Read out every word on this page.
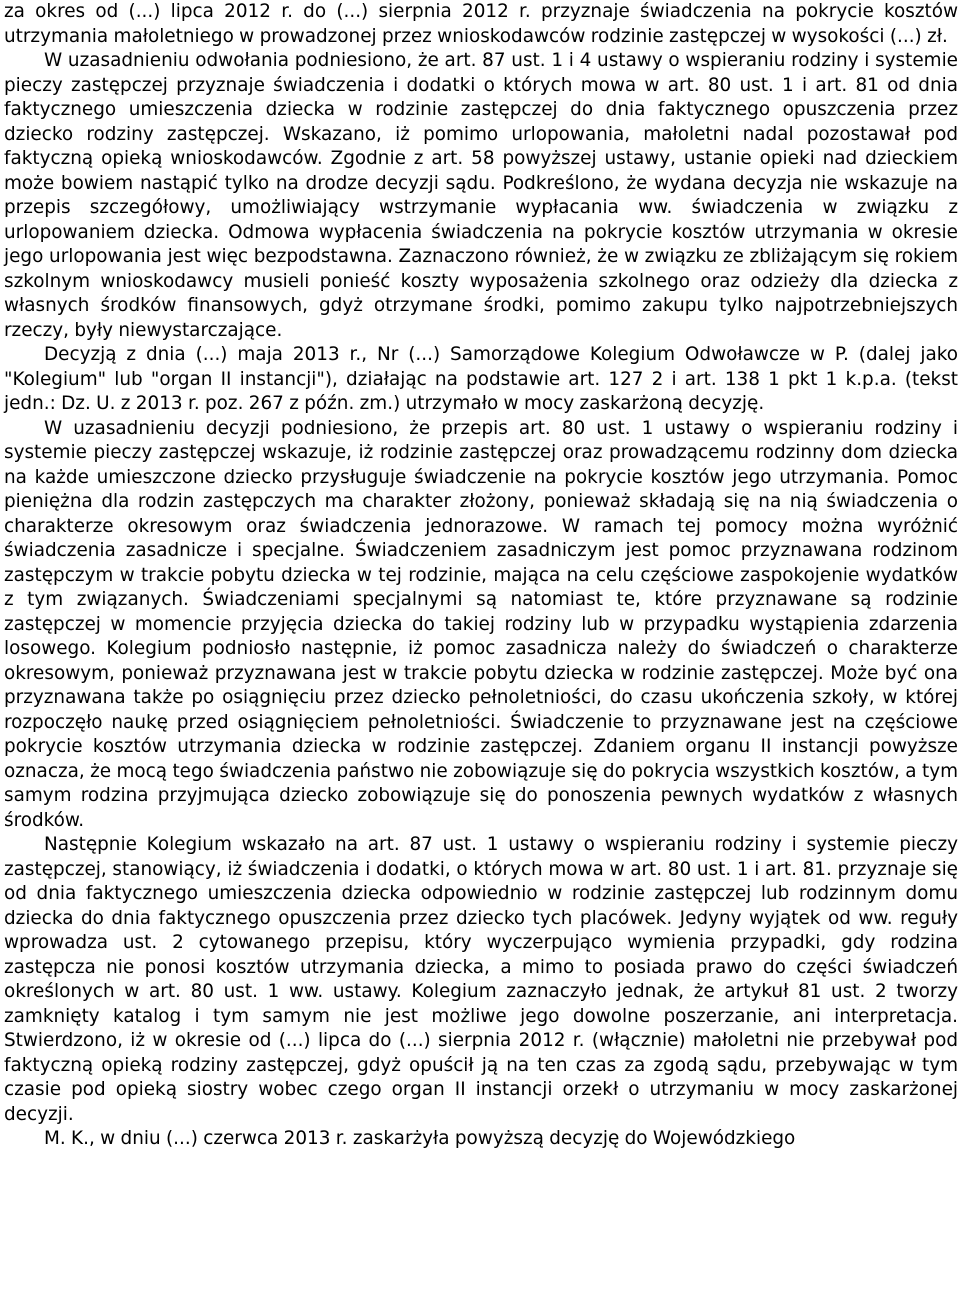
za okres od (...) lipca 2012 r. do (...) sierpnia 2012 r. przyznaje świadczenia na pokrycie kosztów utrzymania małoletniego w prowadzonej przez wnioskodawców rodzinie zastępczej w wysokości (...) zł.

W uzasadnieniu odwołania podniesiono, że art. 87 ust. 1 i 4 ustawy o wspieraniu rodziny i systemie pieczy zastępczej przyznaje świadczenia i dodatki o których mowa w art. 80 ust. 1 i art. 81 od dnia faktycznego umieszczenia dziecka w rodzinie zastępczej do dnia faktycznego opuszczenia przez dziecko rodziny zastępczej. Wskazano, iż pomimo urlopowania, małoletni nadal pozostawał pod faktyczną opieką wnioskodawców. Zgodnie z art. 58 powyższej ustawy, ustanie opieki nad dzieckiem może bowiem nastąpić tylko na drodze decyzji sądu. Podkreślono, że wydana decyzja nie wskazuje na przepis szczegółowy, umożliwiający wstrzymanie wypłacania ww. świadczenia w związku z urlopowaniem dziecka. Odmowa wypłacenia świadczenia na pokrycie kosztów utrzymania w okresie jego urlopowania jest więc bezpodstawna. Zaznaczono również, że w związku ze zbliżającym się rokiem szkolnym wnioskodawcy musieli ponieść koszty wyposażenia szkolnego oraz odzieży dla dziecka z własnych środków finansowych, gdyż otrzymane środki, pomimo zakupu tylko najpotrzebniejszych rzeczy, były niewystarczające.

Decyzją z dnia (...) maja 2013 r., Nr (...) Samorządowe Kolegium Odwoławcze w P. (dalej jako "Kolegium" lub "organ II instancji"), działając na podstawie art. 127 2 i art. 138 1 pkt 1 k.p.a. (tekst jedn.: Dz. U. z 2013 r. poz. 267 z późn. zm.) utrzymało w mocy zaskarżoną decyzję.

W uzasadnieniu decyzji podniesiono, że przepis art. 80 ust. 1 ustawy o wspieraniu rodziny i systemie pieczy zastępczej wskazuje, iż rodzinie zastępczej oraz prowadzącemu rodzinny dom dziecka na każde umieszczone dziecko przysługuje świadczenie na pokrycie kosztów jego utrzymania. Pomoc pieniężna dla rodzin zastępczych ma charakter złożony, ponieważ składają się na nią świadczenia o charakterze okresowym oraz świadczenia jednorazowe. W ramach tej pomocy można wyróżnić świadczenia zasadnicze i specjalne. Świadczeniem zasadniczym jest pomoc przyznawana rodzinom zastępczym w trakcie pobytu dziecka w tej rodzinie, mająca na celu częściowe zaspokojenie wydatków z tym związanych. Świadczeniami specjalnymi są natomiast te, które przyznawane są rodzinie zastępczej w momencie przyjęcia dziecka do takiej rodziny lub w przypadku wystąpienia zdarzenia losowego. Kolegium podniosło następnie, iż pomoc zasadnicza należy do świadczeń o charakterze okresowym, ponieważ przyznawana jest w trakcie pobytu dziecka w rodzinie zastępczej. Może być ona przyznawana także po osiągnięciu przez dziecko pełnoletniości, do czasu ukończenia szkoły, w której rozpoczęło naukę przed osiągnięciem pełnoletniości. Świadczenie to przyznawane jest na częściowe pokrycie kosztów utrzymania dziecka w rodzinie zastępczej. Zdaniem organu II instancji powyższe oznacza, że mocą tego świadczenia państwo nie zobowiązuje się do pokrycia wszystkich kosztów, a tym samym rodzina przyjmująca dziecko zobowiązuje się do ponoszenia pewnych wydatków z własnych środków.

Następnie Kolegium wskazało na art. 87 ust. 1 ustawy o wspieraniu rodziny i systemie pieczy zastępczej, stanowiący, iż świadczenia i dodatki, o których mowa w art. 80 ust. 1 i art. 81. przyznaje się od dnia faktycznego umieszczenia dziecka odpowiednio w rodzinie zastępczej lub rodzinnym domu dziecka do dnia faktycznego opuszczenia przez dziecko tych placówek. Jedyny wyjątek od ww. reguły wprowadza ust. 2 cytowanego przepisu, który wyczerpująco wymienia przypadki, gdy rodzina zastępcza nie ponosi kosztów utrzymania dziecka, a mimo to posiada prawo do części świadczeń określonych w art. 80 ust. 1 ww. ustawy. Kolegium zaznaczyło jednak, że artykuł 81 ust. 2 tworzy zamknięty katalog i tym samym nie jest możliwe jego dowolne poszerzanie, ani interpretacja. Stwierdzono, iż w okresie od (...) lipca do (...) sierpnia 2012 r. (włącznie) małoletni nie przebywał pod faktyczną opieką rodziny zastępczej, gdyż opuścił ją na ten czas za zgodą sądu, przebywając w tym czasie pod opieką siostry wobec czego organ II instancji orzekł o utrzymaniu w mocy zaskarżonej decyzji.

M. K., w dniu (...) czerwca 2013 r. zaskarżyła powyższą decyzję do Wojewódzkiego
